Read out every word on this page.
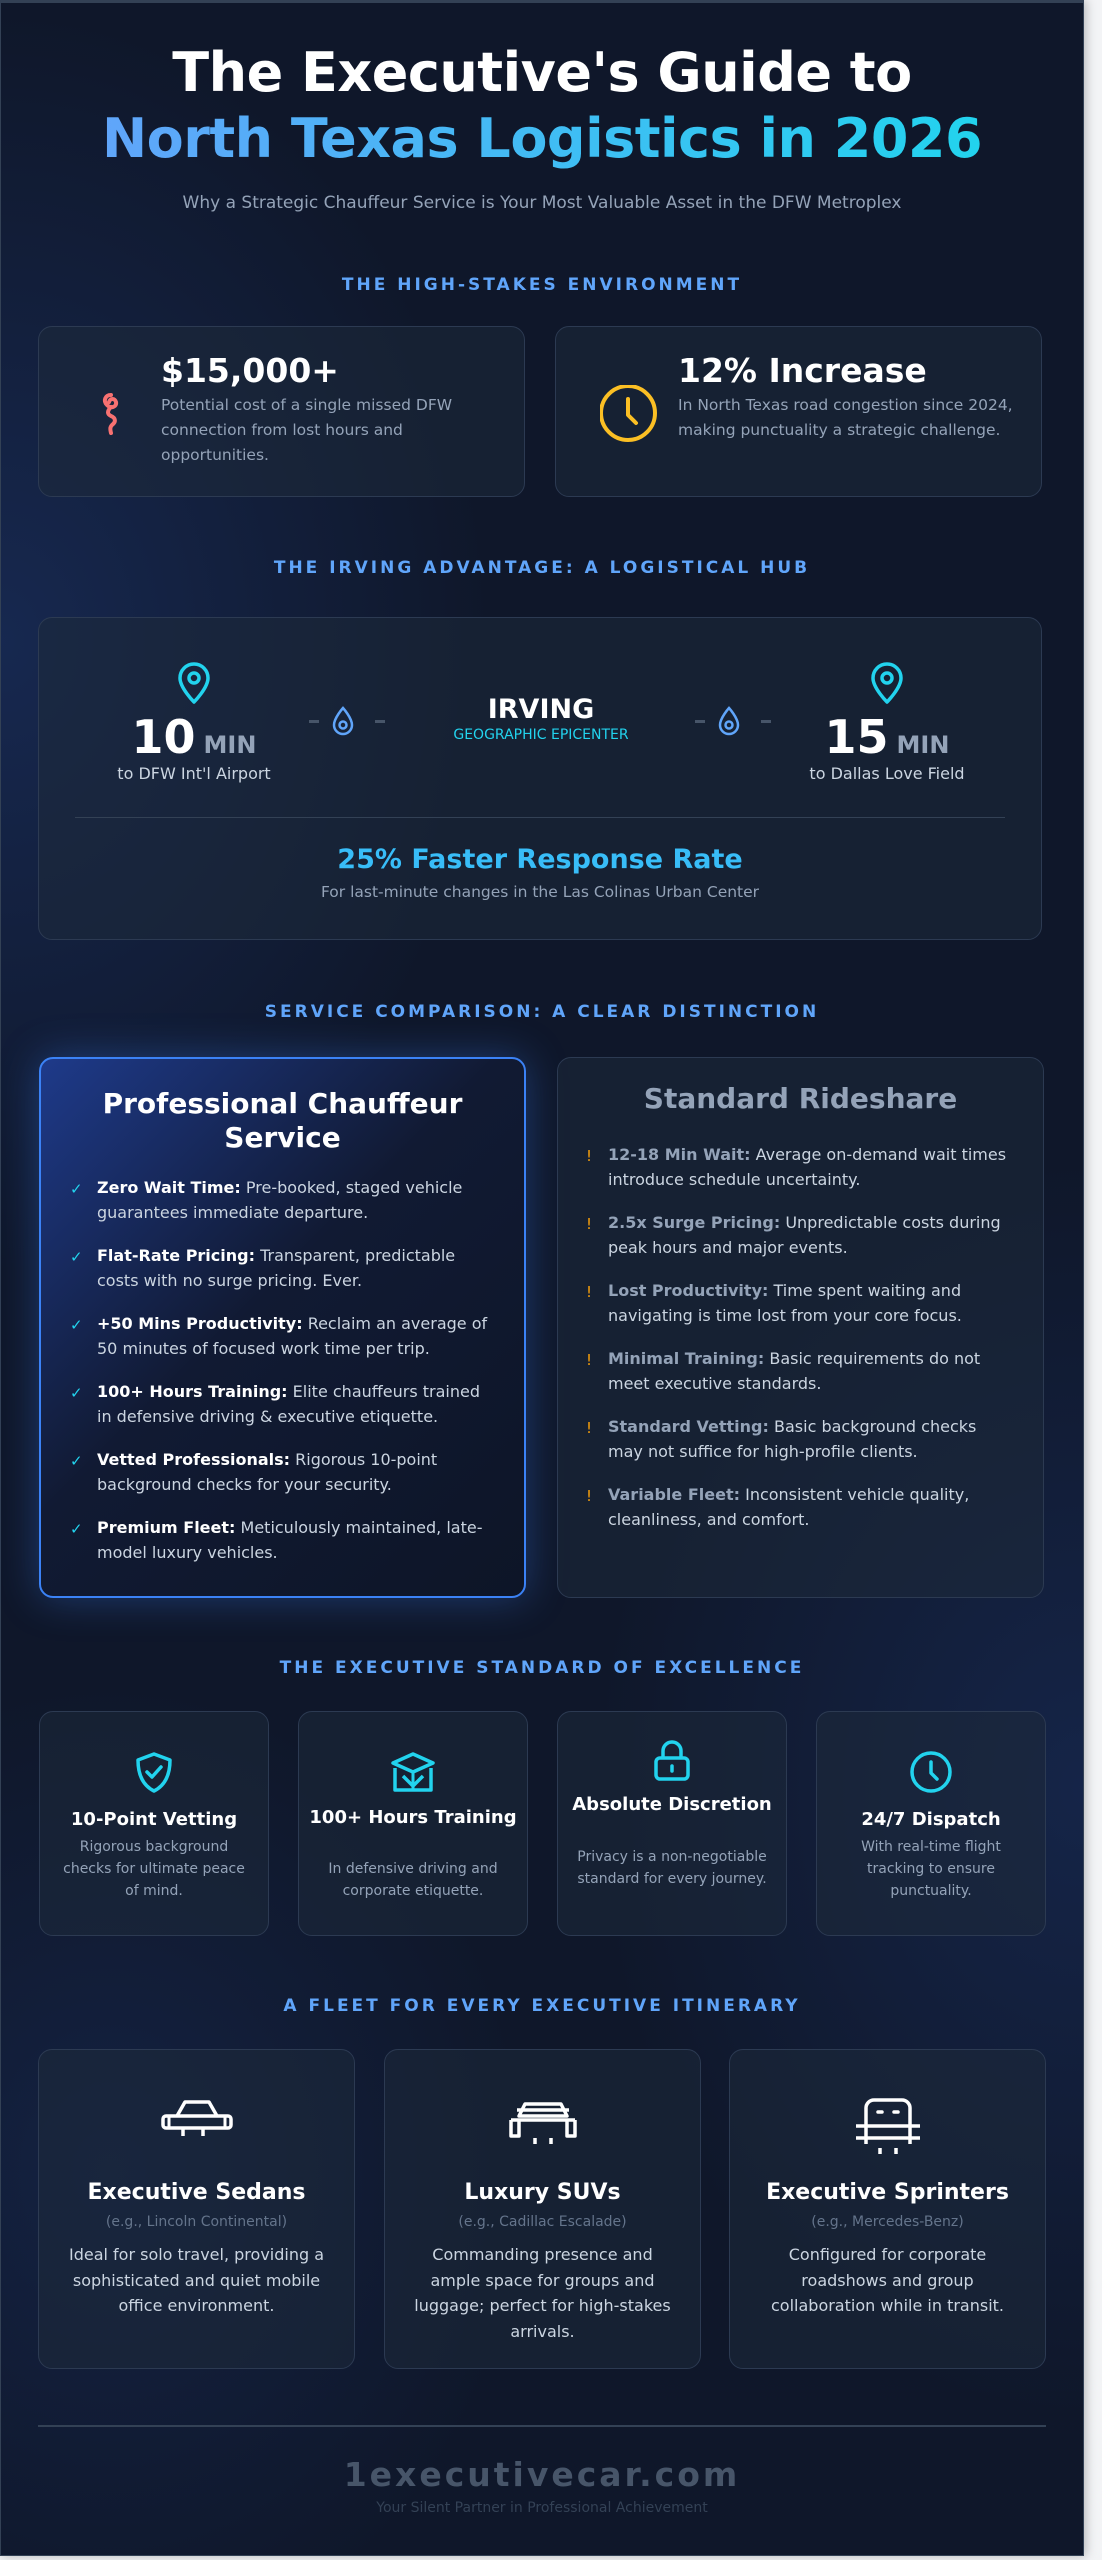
The Executive's Guide to
North Texas Logistics in 2026
Why a Strategic Chauffeur Service is Your Most Valuable Asset in the DFW Metroplex
THE HIGH-STAKES ENVIRONMENT
$15,000+
Potential cost of a single missed DFW connection from lost hours and opportunities.
12% Increase
In North Texas road congestion since 2024, making punctuality a strategic challenge.
THE IRVING ADVANTAGE: A LOGISTICAL HUB
10 MIN
to DFW Int'l Airport
IRVING
GEOGRAPHIC EPICENTER	15 MIN
to Dallas Love Field
25% Faster Response Rate
For last-minute changes in the Las Colinas Urban Center
SERVICE COMPARISON: A CLEAR DISTINCTION
Professional Chauffeur Service
✓ Zero Wait Time: Pre-booked, staged vehicle guarantees immediate departure.
✓ Flat-Rate Pricing: Transparent, predictable costs with no surge pricing. Ever.
✓ +50 Mins Productivity: Reclaim an average of 50 minutes of focused work time per trip.
✓ 100+ Hours Training: Elite chauffeurs trained in defensive driving & executive etiquette.
✓ Vetted Professionals: Rigorous 10-point background checks for your security.
✓ Premium Fleet: Meticulously maintained, late-model luxury vehicles.
Standard Rideshare
! 12-18 Min Wait: Average on-demand wait times introduce schedule uncertainty.
! 2.5x Surge Pricing: Unpredictable costs during peak hours and major events.
! Lost Productivity: Time spent waiting and navigating is time lost from your core focus.
! Minimal Training: Basic requirements do not meet executive standards.
! Standard Vetting: Basic background checks may not suffice for high-profile clients.
! Variable Fleet: Inconsistent vehicle quality, cleanliness, and comfort.
THE EXECUTIVE STANDARD OF EXCELLENCE
10-Point Vetting
Rigorous background checks for ultimate peace of mind.
100+ Hours Training
In defensive driving and corporate etiquette.
Absolute Discretion
Privacy is a non-negotiable standard for every journey.
24/7 Dispatch
With real-time flight tracking to ensure punctuality.
A FLEET FOR EVERY EXECUTIVE ITINERARY
Executive Sedans
(e.g., Lincoln Continental)
Ideal for solo travel, providing a sophisticated and quiet mobile office environment.
Luxury SUVs
(e.g., Cadillac Escalade)
Commanding presence and ample space for groups and luggage; perfect for high-stakes arrivals.
Executive Sprinters
(e.g., Mercedes-Benz)
Configured for corporate roadshows and group collaboration while in transit.
1executivecar.com
Your Silent Partner in Professional Achievement
